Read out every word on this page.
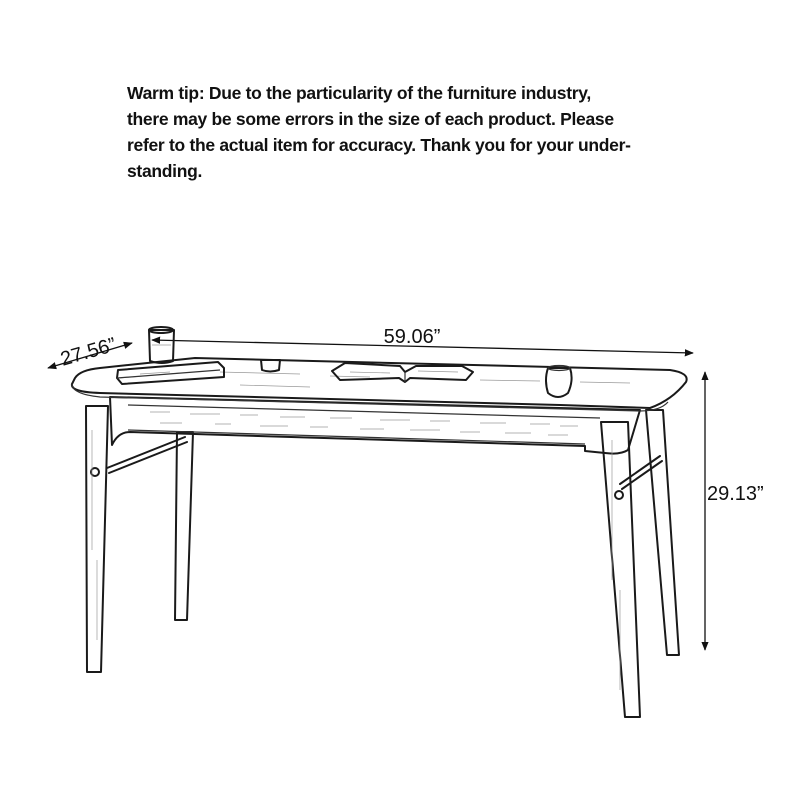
Warm tip: Due to the particularity of the furniture industry,
there may be some errors in the size of each product. Please
refer to the actual item for accuracy. Thank you for your under-
standing.
27.56”	59.06”
29.13”
